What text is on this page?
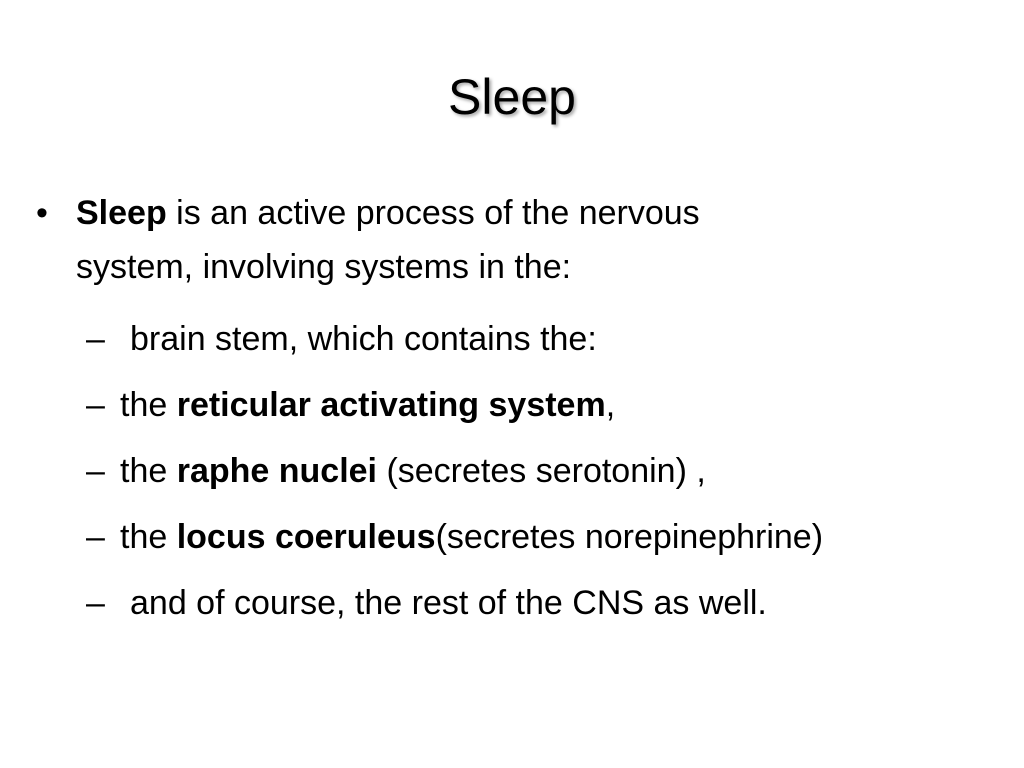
Sleep
• Sleep is an active process of the nervous
system, involving systems in the:
– brain stem, which contains the:
– the reticular activating system,
– the raphe nuclei (secretes serotonin) ,
– the locus coeruleus(secretes norepinephrine)
– and of course, the rest of the CNS as well.
